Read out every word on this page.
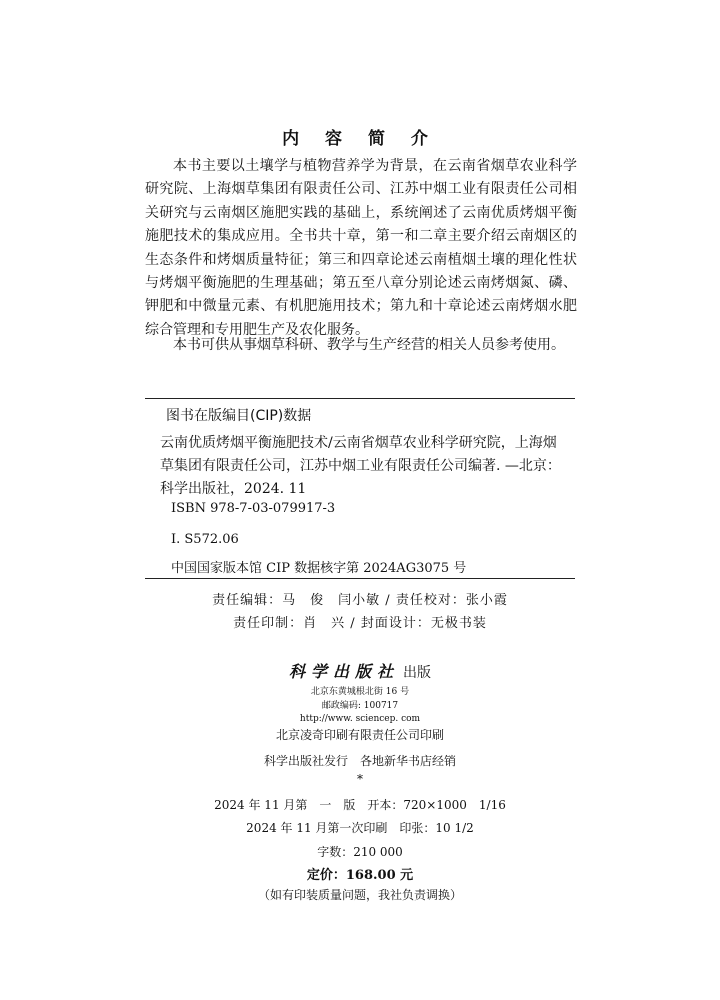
内 容 简 介

本书主要以土壤学与植物营养学为背景，在云南省烟草农业科学研究院、上海烟草集团有限责任公司、江苏中烟工业有限责任公司相关研究与云南烟区施肥实践的基础上，系统阐述了云南优质烤烟平衡施肥技术的集成应用。全书共十章，第一和二章主要介绍云南烟区的生态条件和烤烟质量特征；第三和四章论述云南植烟土壤的理化性状与烤烟平衡施肥的生理基础；第五至八章分别论述云南烤烟氮、磷、钾肥和中微量元素、有机肥施用技术；第九和十章论述云南烤烟水肥综合管理和专用肥生产及农化服务。

本书可供从事烟草科研、教学与生产经营的相关人员参考使用。

图书在版编目(CIP)数据

云南优质烤烟平衡施肥技术/云南省烟草农业科学研究院，上海烟草集团有限责任公司，江苏中烟工业有限责任公司编著. —北京：科学出版社，2024. 11

ISBN 978-7-03-079917-3
Ⅰ. S572.06
中国国家版本馆 CIP 数据核字第 2024AG3075 号
责任编辑：马　俊　闫小敏 / 责任校对：张小霞
责任印制：肖　兴 / 封面设计：无极书装
科学出版社 出版
北京东黄城根北街 16 号
邮政编码: 100717
http://www. sciencep. com
北京凌奇印刷有限责任公司印刷
科学出版社发行　各地新华书店经销
*
2024 年 11 月第　一　版　开本：720×1000　1/16
2024 年 11 月第一次印刷　印张：10 1/2
字数：210 000
定价：168.00 元
（如有印装质量问题，我社负责调换）
